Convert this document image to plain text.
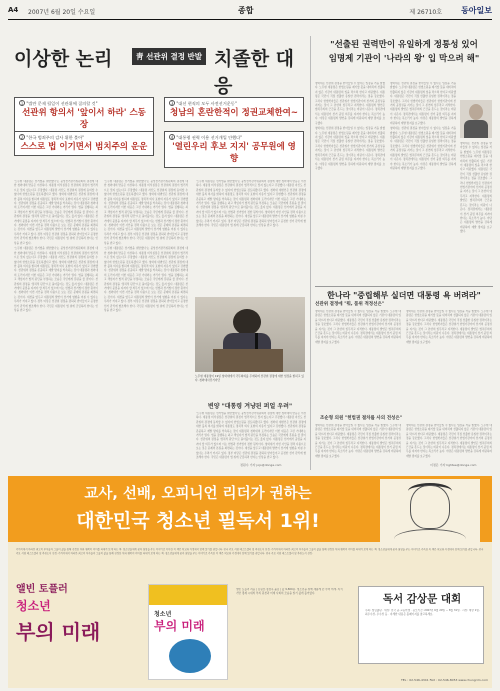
A4 2007년 6월 20일 수요일	종합	제 26710호 동아일보
이상한 논리	靑 선관위 결정 반발 치졸한 대응
1 "법만 문제 될일이 선관위에 질의할 것"
선관위 항의서 '앞이서 하라' 스동장
3 "대선 현직의 모두 사전선거운동"
청남의 혼란한적이 정권교체한여~
2 "한국 범죄주의 감사 위한 불아"
스스로 법 이기면서 범치주의 운운
4 "대통령 권력 이용 선거개입 안했다"
'열린우리 후보 지지' 공무원에 영향

'노무현 대통령은 선거법을 위반했다'는 중앙선거관리위원회의 결정에 대한 청와대의 반응은 이상하다. 대통령 비서실장은 선관위의 결정이 법리적으로 맞지 않는다고 주장했다. 대통령 자신도 선관위의 결정에 동의할 수 없다며 헌법소원을 검토하겠다고 했다. 청와대 대변인은 선관위 결정에 대한 불복 의사를 밝히며 대통령도 정치적 의사 표현의 자유가 있다고 강변했다. 선관위의 결정을 존중하고 재발 방지를 약속하는 것이 대통령과 청와대의 도리이지만 이번 대응은 그런 기대와는 거리가 멀다. 법을 집행하는 최고 책임자가 법적 판단을 부정하는 모습은 국민에게 혼란을 줄 뿐이다. 선관위의 결정을 '정치적 판단'으로 몰아붙이는 것도 옳지 않다. 대통령은 선거에서 중립을 지켜야 할 의무가 있으며 이는 헌법과 선거법이 정한 원칙이다. 청와대가 이번 사안을 권력 다툼으로 보는 것은 문제의 본질을 외면하는 것이다. 대선을 앞두고 대통령의 발언이 선거에 영향을 미칠 수 있다는 우려가 커지고 있다. 정부 여당은 선관위 결정을 겸허히 받아들이고 공정한 선거 관리에 협조해야 한다. 국민은 대통령이 법 위에 군림하려 한다는 인상을 받고 있다.

'노무현 대통령은 선거법을 위반했다'는 중앙선거관리위원회의 결정에 대한 청와대의 반응은 이상하다. 대통령 비서실장은 선관위의 결정이 법리적으로 맞지 않는다고 주장했다. 대통령 자신도 선관위의 결정에 동의할 수 없다며 헌법소원을 검토하겠다고 했다. 청와대 대변인은 선관위 결정에 대한 불복 의사를 밝히며 대통령도 정치적 의사 표현의 자유가 있다고 강변했다. 선관위의 결정을 존중하고 재발 방지를 약속하는 것이 대통령과 청와대의 도리이지만 이번 대응은 그런 기대와는 거리가 멀다. 법을 집행하는 최고 책임자가 법적 판단을 부정하는 모습은 국민에게 혼란을 줄 뿐이다. 선관위의 결정을 '정치적 판단'으로 몰아붙이는 것도 옳지 않다. 대통령은 선거에서 중립을 지켜야 할 의무가 있으며 이는 헌법과 선거법이 정한 원칙이다. 청와대가 이번 사안을 권력 다툼으로 보는 것은 문제의 본질을 외면하는 것이다. 대선을 앞두고 대통령의 발언이 선거에 영향을 미칠 수 있다는 우려가 커지고 있다. 정부 여당은 선관위 결정을 겸허히 받아들이고 공정한 선거 관리에 협조해야 한다. 국민은 대통령이 법 위에 군림하려 한다는 인상을 받고 있다.

'노무현 대통령은 선거법을 위반했다'는 중앙선거관리위원회의 결정에 대한 청와대의 반응은 이상하다. 대통령 비서실장은 선관위의 결정이 법리적으로 맞지 않는다고 주장했다. 대통령 자신도 선관위의 결정에 동의할 수 없다며 헌법소원을 검토하겠다고 했다. 청와대 대변인은 선관위 결정에 대한 불복 의사를 밝히며 대통령도 정치적 의사 표현의 자유가 있다고 강변했다. 선관위의 결정을 존중하고 재발 방지를 약속하는 것이 대통령과 청와대의 도리이지만 이번 대응은 그런 기대와는 거리가 멀다. 법을 집행하는 최고 책임자가 법적 판단을 부정하는 모습은 국민에게 혼란을 줄 뿐이다. 선관위의 결정을 '정치적 판단'으로 몰아붙이는 것도 옳지 않다. 대통령은 선거에서 중립을 지켜야 할 의무가 있으며 이는 헌법과 선거법이 정한 원칙이다. 청와대가 이번 사안을 권력 다툼으로 보는 것은 문제의 본질을 외면하는 것이다. 대선을 앞두고 대통령의 발언이 선거에 영향을 미칠 수 있다는 우려가 커지고 있다. 정부 여당은 선관위 결정을 겸허히 받아들이고 공정한 선거 관리에 협조해야 한다. 국민은 대통령이 법 위에 군림하려 한다는 인상을 받고 있다.

'노무현 대통령은 선거법을 위반했다'는 중앙선거관리위원회의 결정에 대한 청와대의 반응은 이상하다. 대통령 비서실장은 선관위의 결정이 법리적으로 맞지 않는다고 주장했다. 대통령 자신도 선관위의 결정에 동의할 수 없다며 헌법소원을 검토하겠다고 했다. 청와대 대변인은 선관위 결정에 대한 불복 의사를 밝히며 대통령도 정치적 의사 표현의 자유가 있다고 강변했다. 선관위의 결정을 존중하고 재발 방지를 약속하는 것이 대통령과 청와대의 도리이지만 이번 대응은 그런 기대와는 거리가 멀다. 법을 집행하는 최고 책임자가 법적 판단을 부정하는 모습은 국민에게 혼란을 줄 뿐이다. 선관위의 결정을 '정치적 판단'으로 몰아붙이는 것도 옳지 않다. 대통령은 선거에서 중립을 지켜야 할 의무가 있으며 이는 헌법과 선거법이 정한 원칙이다. 청와대가 이번 사안을 권력 다툼으로 보는 것은 문제의 본질을 외면하는 것이다. 대선을 앞두고 대통령의 발언이 선거에 영향을 미칠 수 있다는 우려가 커지고 있다. 정부 여당은 선관위 결정을 겸허히 받아들이고 공정한 선거 관리에 협조해야 한다. 국민은 대통령이 법 위에 군림하려 한다는 인상을 받고 있다.

'노무현 대통령은 선거법을 위반했다'는 중앙선거관리위원회의 결정에 대한 청와대의 반응은 이상하다. 대통령 비서실장은 선관위의 결정이 법리적으로 맞지 않는다고 주장했다. 대통령 자신도 선관위의 결정에 동의할 수 없다며 헌법소원을 검토하겠다고 했다. 청와대 대변인은 선관위 결정에 대한 불복 의사를 밝히며 대통령도 정치적 의사 표현의 자유가 있다고 강변했다. 선관위의 결정을 존중하고 재발 방지를 약속하는 것이 대통령과 청와대의 도리이지만 이번 대응은 그런 기대와는 거리가 멀다. 법을 집행하는 최고 책임자가 법적 판단을 부정하는 모습은 국민에게 혼란을 줄 뿐이다. 선관위의 결정을 '정치적 판단'으로 몰아붙이는 것도 옳지 않다. 대통령은 선거에서 중립을 지켜야 할 의무가 있으며 이는 헌법과 선거법이 정한 원칙이다. 청와대가 이번 사안을 권력 다툼으로 보는 것은 문제의 본질을 외면하는 것이다. 대선을 앞두고 대통령의 발언이 선거에 영향을 미칠 수 있다는 우려가 커지고 있다. 정부 여당은 선관위 결정을 겸허히 받아들이고 공정한 선거 관리에 협조해야 한다. 국민은 대통령이 법 위에 군림하려 한다는 인상을 받고 있다.

노무현 대통령이 19일 청와대에서 국무회의를 주재하며 선관위 결정에 대한 입장을 밝히고 있다. 청와대사진기자단
변양 "대통령 겨냥된 퍼얼 우려"

'노무현 대통령은 선거법을 위반했다'는 중앙선거관리위원회의 결정에 대한 청와대의 반응은 이상하다. 대통령 비서실장은 선관위의 결정이 법리적으로 맞지 않는다고 주장했다. 대통령 자신도 선관위의 결정에 동의할 수 없다며 헌법소원을 검토하겠다고 했다. 청와대 대변인은 선관위 결정에 대한 불복 의사를 밝히며 대통령도 정치적 의사 표현의 자유가 있다고 강변했다. 선관위의 결정을 존중하고 재발 방지를 약속하는 것이 대통령과 청와대의 도리이지만 이번 대응은 그런 기대와는 거리가 멀다. 법을 집행하는 최고 책임자가 법적 판단을 부정하는 모습은 국민에게 혼란을 줄 뿐이다. 선관위의 결정을 '정치적 판단'으로 몰아붙이는 것도 옳지 않다. 대통령은 선거에서 중립을 지켜야 할 의무가 있으며 이는 헌법과 선거법이 정한 원칙이다. 청와대가 이번 사안을 권력 다툼으로 보는 것은 문제의 본질을 외면하는 것이다. 대선을 앞두고 대통령의 발언이 선거에 영향을 미칠 수 있다는 우려가 커지고 있다. 정부 여당은 선관위 결정을 겸허히 받아들이고 공정한 선거 관리에 협조해야 한다. 국민은 대통령이 법 위에 군림하려 한다는 인상을 받고 있다.

정원수 기자 jojo@donga.com
"선출된 권력만이 유일하게 정통성 있어
임명제 기관이 '나라의 왕' 입 막으려 해"

청와대는 선관위 결정을 받아들일 수 없다는 입장을 거듭 밝혔다. 노무현 대통령은 헌법소원을 제기할 뜻을 내비치며 선출되지 않은 기관이 대통령의 입을 막으려 한다고 비판했다. 대통령은 국민이 직접 선출한 유일한 권력이라는 점을 강조했다. 그러나 헌법학자들은 선관위가 헌법기관이며 선거의 공정성을 지키는 것이 그 본연의 임무라고 지적한다. 대통령의 발언은 법치주의의 근간을 흔드는 것이라는 비판이 나온다. 정치권에서는 대통령이 선거 중립 의무를 지켜야 한다는 목소리가 높다. 야당은 대통령의 발언을 강하게 비판하며 재발 방지를 요구했다.

청와대는 선관위 결정을 받아들일 수 없다는 입장을 거듭 밝혔다. 노무현 대통령은 헌법소원을 제기할 뜻을 내비치며 선출되지 않은 기관이 대통령의 입을 막으려 한다고 비판했다. 대통령은 국민이 직접 선출한 유일한 권력이라는 점을 강조했다. 그러나 헌법학자들은 선관위가 헌법기관이며 선거의 공정성을 지키는 것이 그 본연의 임무라고 지적한다. 대통령의 발언은 법치주의의 근간을 흔드는 것이라는 비판이 나온다. 정치권에서는 대통령이 선거 중립 의무를 지켜야 한다는 목소리가 높다. 야당은 대통령의 발언을 강하게 비판하며 재발 방지를 요구했다.

청와대는 선관위 결정을 받아들일 수 없다는 입장을 거듭 밝혔다. 노무현 대통령은 헌법소원을 제기할 뜻을 내비치며 선출되지 않은 기관이 대통령의 입을 막으려 한다고 비판했다. 대통령은 국민이 직접 선출한 유일한 권력이라는 점을 강조했다. 그러나 헌법학자들은 선관위가 헌법기관이며 선거의 공정성을 지키는 것이 그 본연의 임무라고 지적한다. 대통령의 발언은 법치주의의 근간을 흔드는 것이라는 비판이 나온다. 정치권에서는 대통령이 선거 중립 의무를 지켜야 한다는 목소리가 높다. 야당은 대통령의 발언을 강하게 비판하며 재발 방지를 요구했다.

청와대는 선관위 결정을 받아들일 수 없다는 입장을 거듭 밝혔다. 노무현 대통령은 헌법소원을 제기할 뜻을 내비치며 선출되지 않은 기관이 대통령의 입을 막으려 한다고 비판했다. 대통령은 국민이 직접 선출한 유일한 권력이라는 점을 강조했다. 그러나 헌법학자들은 선관위가 헌법기관이며 선거의 공정성을 지키는 것이 그 본연의 임무라고 지적한다. 대통령의 발언은 법치주의의 근간을 흔드는 것이라는 비판이 나온다. 정치권에서는 대통령이 선거 중립 의무를 지켜야 한다는 목소리가 높다. 야당은 대통령의 발언을 강하게 비판하며 재발 방지를 요구했다.

청와대는 선관위 결정을 받아들일 수 없다는 입장을 거듭 밝혔다. 노무현 대통령은 헌법소원을 제기할 뜻을 내비치며 선출되지 않은 기관이 대통령의 입을 막으려 한다고 비판했다. 대통령은 국민이 직접 선출한 유일한 권력이라는 점을 강조했다. 그러나 헌법학자들은 선관위가 헌법기관이며 선거의 공정성을 지키는 것이 그 본연의 임무라고 지적한다. 대통령의 발언은 법치주의의 근간을 흔드는 것이라는 비판이 나온다. 정치권에서는 대통령이 선거 중립 의무를 지켜야 한다는 목소리가 높다. 야당은 대통령의 발언을 강하게 비판하며 재발 방지를 요구했다.

한나라 "중립해부 실더면 대통령 욕 버려라"
선관위 결정에 "뭐, 품위 적정선은"

청와대는 선관위 결정을 받아들일 수 없다는 입장을 거듭 밝혔다. 노무현 대통령은 헌법소원을 제기할 뜻을 내비치며 선출되지 않은 기관이 대통령의 입을 막으려 한다고 비판했다. 대통령은 국민이 직접 선출한 유일한 권력이라는 점을 강조했다. 그러나 헌법학자들은 선관위가 헌법기관이며 선거의 공정성을 지키는 것이 그 본연의 임무라고 지적한다. 대통령의 발언은 법치주의의 근간을 흔드는 것이라는 비판이 나온다. 정치권에서는 대통령이 선거 중립 의무를 지켜야 한다는 목소리가 높다. 야당은 대통령의 발언을 강하게 비판하며 재발 방지를 요구했다.

청와대는 선관위 결정을 받아들일 수 없다는 입장을 거듭 밝혔다. 노무현 대통령은 헌법소원을 제기할 뜻을 내비치며 선출되지 않은 기관이 대통령의 입을 막으려 한다고 비판했다. 대통령은 국민이 직접 선출한 유일한 권력이라는 점을 강조했다. 그러나 헌법학자들은 선관위가 헌법기관이며 선거의 공정성을 지키는 것이 그 본연의 임무라고 지적한다. 대통령의 발언은 법치주의의 근간을 흔드는 것이라는 비판이 나온다. 정치권에서는 대통령이 선거 중립 의무를 지켜야 한다는 목소리가 높다. 야당은 대통령의 발언을 강하게 비판하며 재발 방지를 요구했다.

조순형 의원 "헌법권 절차를 사의 전성은"

청와대는 선관위 결정을 받아들일 수 없다는 입장을 거듭 밝혔다. 노무현 대통령은 헌법소원을 제기할 뜻을 내비치며 선출되지 않은 기관이 대통령의 입을 막으려 한다고 비판했다. 대통령은 국민이 직접 선출한 유일한 권력이라는 점을 강조했다. 그러나 헌법학자들은 선관위가 헌법기관이며 선거의 공정성을 지키는 것이 그 본연의 임무라고 지적한다. 대통령의 발언은 법치주의의 근간을 흔드는 것이라는 비판이 나온다. 정치권에서는 대통령이 선거 중립 의무를 지켜야 한다는 목소리가 높다. 야당은 대통령의 발언을 강하게 비판하며 재발 방지를 요구했다.

청와대는 선관위 결정을 받아들일 수 없다는 입장을 거듭 밝혔다. 노무현 대통령은 헌법소원을 제기할 뜻을 내비치며 선출되지 않은 기관이 대통령의 입을 막으려 한다고 비판했다. 대통령은 국민이 직접 선출한 유일한 권력이라는 점을 강조했다. 그러나 헌법학자들은 선관위가 헌법기관이며 선거의 공정성을 지키는 것이 그 본연의 임무라고 지적한다. 대통령의 발언은 법치주의의 근간을 흔드는 것이라는 비판이 나온다. 정치권에서는 대통령이 선거 중립 의무를 지켜야 한다는 목소리가 높다. 야당은 대통령의 발언을 강하게 비판하며 재발 방지를 요구했다.

이정은 기자 lightee@donga.com
교사, 선배, 오피니언 리더가 권하는
대한민국 청소년 필독서 1위!
가까이에서 바라본 최고의 부자들과 그들의 삶을 통해 진정한 부와 행복의 의미를 되새겨 보게 하는 책. 청소년들에게 꿈과 희망을 주는 이야기로 가득한 이 책은 학교와 가정에서 함께 읽기를 권합니다. 전국 주요 서점 베스트셀러 및 추천도서 선정. 가까이에서 바라본 최고의 부자들과 그들의 삶을 통해 진정한 부와 행복의 의미를 되새겨 보게 하는 책. 청소년들에게 꿈과 희망을 주는 이야기로 가득한 이 책은 학교와 가정에서 함께 읽기를 권합니다. 전국 주요 서점 베스트셀러 및 추천도서 선정. 가까이에서 바라본 최고의 부자들과 그들의 삶을 통해 진정한 부와 행복의 의미를 되새겨 보게 하는 책. 청소년들에게 꿈과 희망을 주는 이야기로 가득한 이 책은 학교와 가정에서 함께 읽기를 권합니다. 전국 주요 서점 베스트셀러 및 추천도서 선정.
앨빈 토플러
청소년
부의 미래
청소년
부의 미래
앨빈 토플러 지음 | 김원호·정경옥 옮김 | 값 9,800원. 청소년을 위해 새롭게 쓴 부의 미래. 지식 기반 경제 시대의 부의 원천과 미래 사회의 모습을 알기 쉽게 풀어냈다.	독서 감상문 대회
주최: 청림출판 · 대상: 전국 중·고등학생 · 응모기간: 2007년 6월 20일 ~ 8월 31일 · 시상: 대상 1명, 최우수상, 우수상 등 · 자세한 내용은 홈페이지를 참고하세요.
TEL : 02-546-4341 FAX : 02-546-8053 www.chungrim.com
